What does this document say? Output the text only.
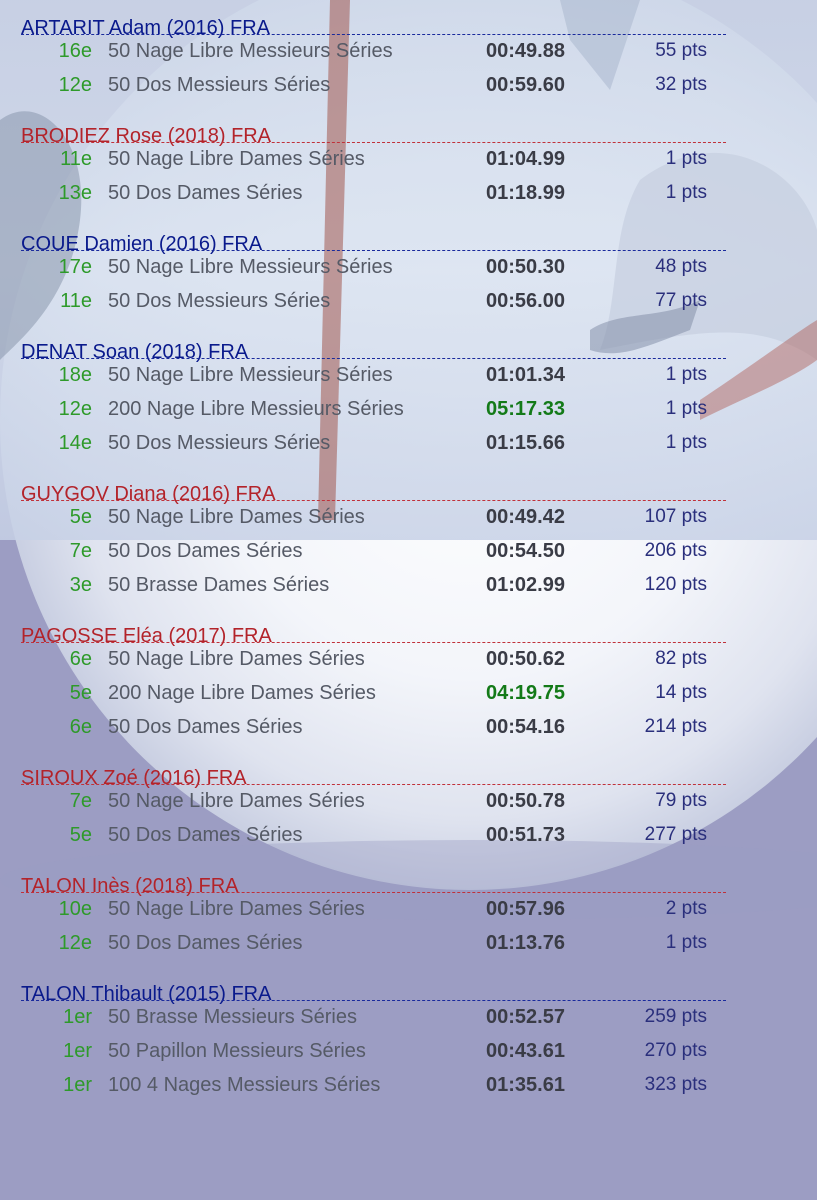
ARTARIT Adam (2016) FRA
16e 50 Nage Libre Messieurs Séries	00:49.88	55 pts
12e 50 Dos Messieurs Séries	00:59.60	32 pts
BRODIEZ Rose (2018) FRA
11e 50 Nage Libre Dames Séries	01:04.99	1 pts
13e 50 Dos Dames Séries	01:18.99	1 pts
COUE Damien (2016) FRA
17e 50 Nage Libre Messieurs Séries	00:50.30	48 pts
11e 50 Dos Messieurs Séries	00:56.00	77 pts
DENAT Soan (2018) FRA
18e 50 Nage Libre Messieurs Séries	01:01.34	1 pts
12e 200 Nage Libre Messieurs Séries	05:17.33	1 pts
14e 50 Dos Messieurs Séries	01:15.66	1 pts
GUYGOV Diana (2016) FRA
5e 50 Nage Libre Dames Séries	00:49.42	107 pts
7e 50 Dos Dames Séries	00:54.50	206 pts
3e 50 Brasse Dames Séries	01:02.99	120 pts
PAGOSSE Eléa (2017) FRA
6e 50 Nage Libre Dames Séries	00:50.62	82 pts
5e 200 Nage Libre Dames Séries	04:19.75	14 pts
6e 50 Dos Dames Séries	00:54.16	214 pts
SIROUX Zoé (2016) FRA
7e 50 Nage Libre Dames Séries	00:50.78	79 pts
5e 50 Dos Dames Séries	00:51.73	277 pts
TALON Inès (2018) FRA
10e 50 Nage Libre Dames Séries	00:57.96	2 pts
12e 50 Dos Dames Séries	01:13.76	1 pts
TALON Thibault (2015) FRA
1er 50 Brasse Messieurs Séries	00:52.57	259 pts
1er 50 Papillon Messieurs Séries	00:43.61	270 pts
1er 100 4 Nages Messieurs Séries	01:35.61	323 pts
